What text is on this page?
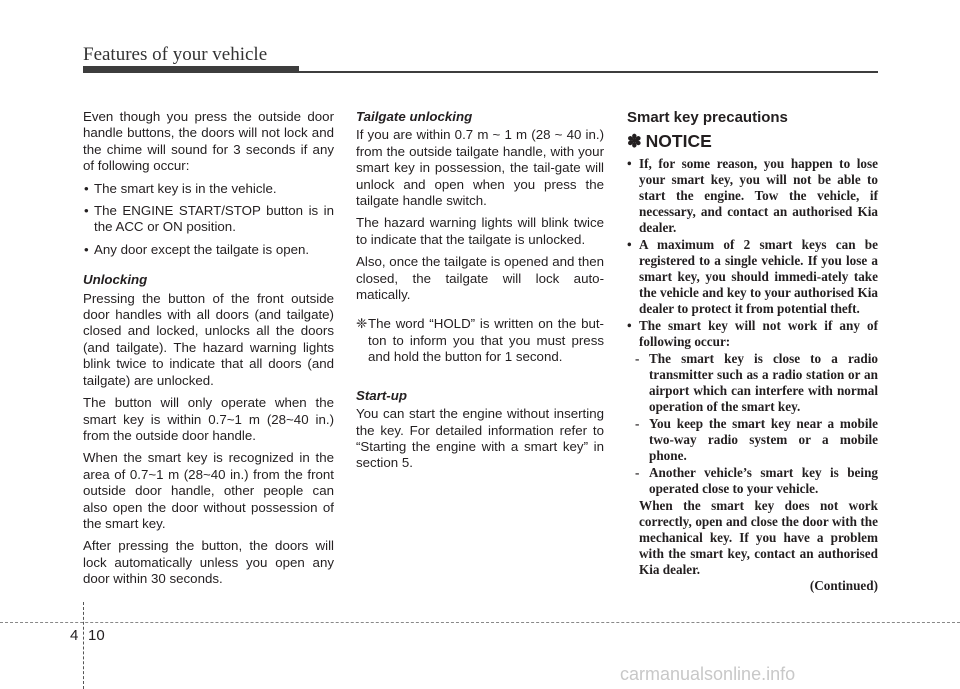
Features of your vehicle

Even though you press the outside door handle buttons, the doors will not lock and the chime will sound for 3 seconds if any of following occur:

• The smart key is in the vehicle.
• The ENGINE START/STOP button is in the ACC or ON position.
• Any door except the tailgate is open.
Unlocking

Pressing the button of the front outside door handles with all doors (and tailgate) closed and locked, unlocks all the doors (and tailgate). The hazard warning lights blink twice to indicate that all doors (and tailgate) are unlocked.

The button will only operate when the smart key is within 0.7~1 m (28~40 in.) from the outside door handle.

When the smart key is recognized in the area of 0.7~1 m (28~40 in.) from the front outside door handle, other people can also open the door without possession of the smart key.

After pressing the button, the doors will lock automatically unless you open any door within 30 seconds.

Tailgate unlocking

If you are within 0.7 m ~ 1 m (28 ~ 40 in.) from the outside tailgate handle, with your smart key in possession, the tail-gate will unlock and open when you press the tailgate handle switch.

The hazard warning lights will blink twice to indicate that the tailgate is unlocked.

Also, once the tailgate is opened and then closed, the tailgate will lock auto-matically.

❈ The word “HOLD” is written on the but-ton to inform you that you must press and hold the button for 1 second.
Start-up

You can start the engine without inserting the key. For detailed information refer to “Starting the engine with a smart key” in section 5.

Smart key precautions
✽ NOTICE
• If, for some reason, you happen to lose your smart key, you will not be able to start the engine. Tow the vehicle, if necessary, and contact an authorised Kia dealer.
• A maximum of 2 smart keys can be registered to a single vehicle. If you lose a smart key, you should immedi-ately take the vehicle and key to your authorised Kia dealer to protect it from potential theft.
• The smart key will not work if any of following occur:
- The smart key is close to a radio transmitter such as a radio station or an airport which can interfere with normal operation of the smart key.
- You keep the smart key near a mobile two-way radio system or a mobile phone.
- Another vehicle’s smart key is being operated close to your vehicle.

When the smart key does not work correctly, open and close the door with the mechanical key. If you have a problem with the smart key, contact an authorised Kia dealer.

(Continued)

4 10
carmanualsonline.info
